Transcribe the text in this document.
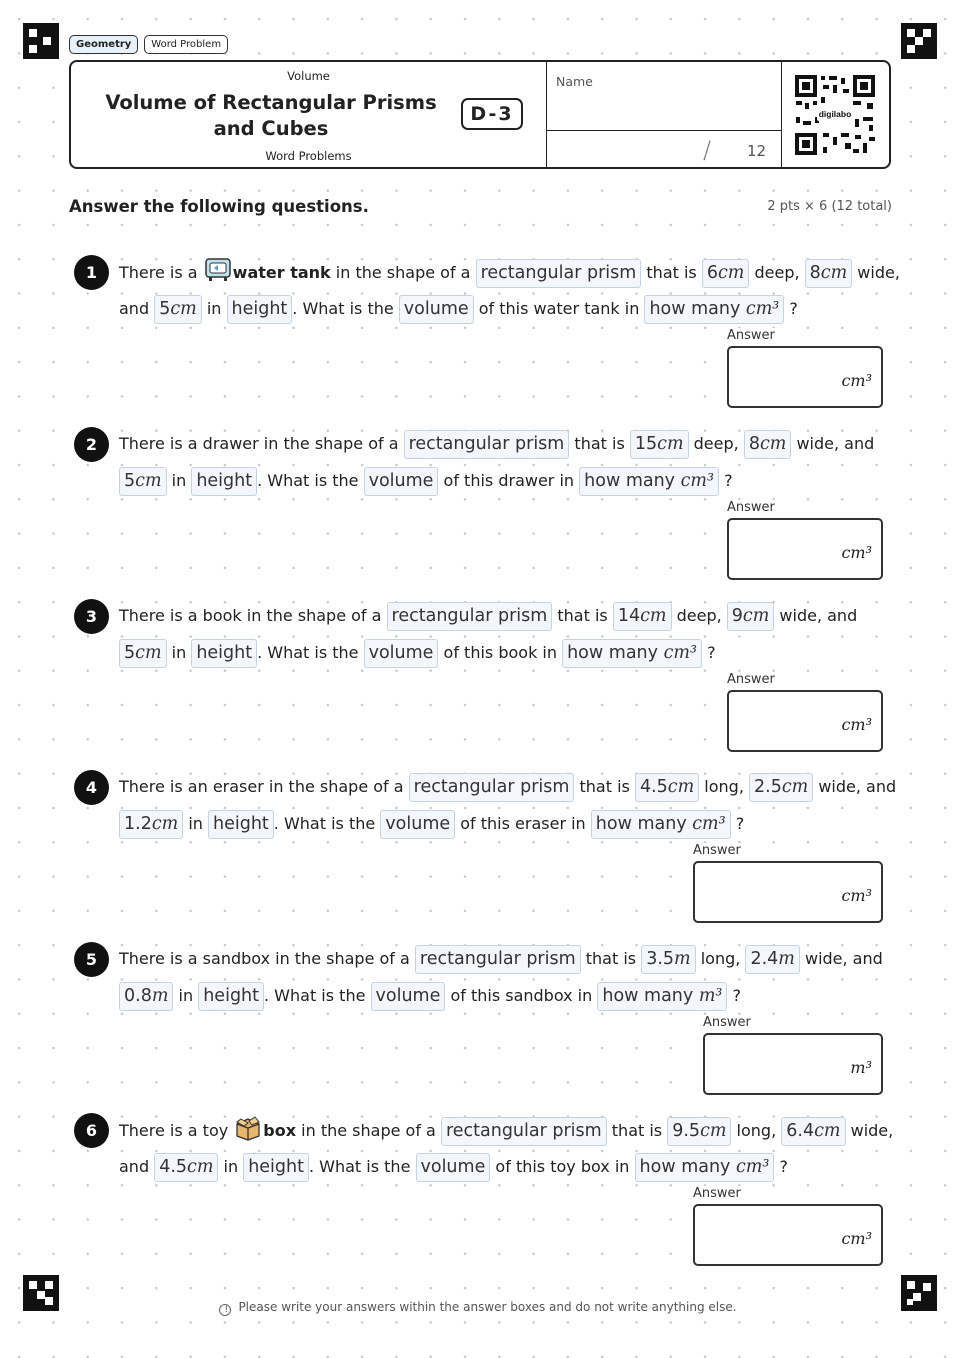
Geometry	Word Problem
Volume
Volume of Rectangular Prisms and Cubes
Word Problems
D-3
Name
/ 12
digilabo
Answer the following questions.	2 pts × 6 (12 total)
1	There is a water tank in the shape of a rectangular prism that is 6cm deep, 8cm wide,
and 5cm in height . What is the volume of this water tank in how many cm³ ?
Answer
cm³
2	There is a drawer in the shape of a rectangular prism that is 15cm deep, 8cm wide, and
5cm in height . What is the volume of this drawer in how many cm³ ?
Answer
cm³
3	There is a book in the shape of a rectangular prism that is 14cm deep, 9cm wide, and
5cm in height . What is the volume of this book in how many cm³ ?
Answer
cm³
4	There is an eraser in the shape of a rectangular prism that is 4.5cm long, 2.5cm wide, and
1.2cm in height . What is the volume of this eraser in how many cm³ ?
Answer
cm³
5	There is a sandbox in the shape of a rectangular prism that is 3.5m long, 2.4m wide, and
0.8m in height . What is the volume of this sandbox in how many m³ ?
Answer
m³
6	There is a toy box in the shape of a rectangular prism that is 9.5cm long, 6.4cm wide,
and 4.5cm in height . What is the volume of this toy box in how many cm³ ?
Answer
cm³
! Please write your answers within the answer boxes and do not write anything else.
